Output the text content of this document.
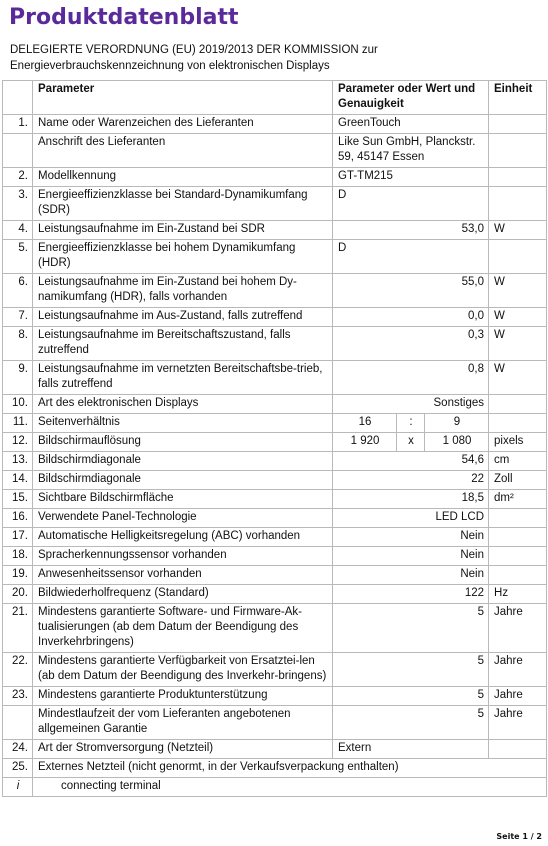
Produktdatenblatt
DELEGIERTE VERORDNUNG (EU) 2019/2013 DER KOMMISSION zur Energieverbrauchskennzeichnung von elektronischen Displays
	Parameter	Parameter oder Wert und Genauigkeit			Einheit
1.	Name oder Warenzeichen des Lieferanten	GreenTouch			
	Anschrift des Lieferanten	Like Sun GmbH, Planckstr. 59, 45147 Essen			
2.	Modellkennung	GT-TM215			
3.	Energieeffizienzklasse bei Standard-Dynamikumfang (SDR)	D			
4.	Leistungsaufnahme im Ein-Zustand bei SDR	53,0			W
5.	Energieeffizienzklasse bei hohem Dynamikumfang (HDR)	D			
6.	Leistungsaufnahme im Ein-Zustand bei hohem Dy-namikumfang (HDR), falls vorhanden	55,0			W
7.	Leistungsaufnahme im Aus-Zustand, falls zutreffend	0,0			W
8.	Leistungsaufnahme im Bereitschaftszustand, falls zutreffend	0,3			W
9.	Leistungsaufnahme im vernetzten Bereitschaftsbe-trieb, falls zutreffend	0,8			W
10.	Art des elektronischen Displays	Sonstiges			
11.	Seitenverhältnis	16	:	9	
12.	Bildschirmauflösung	1 920	x	1 080	pixels
13.	Bildschirmdiagonale	54,6			cm
14.	Bildschirmdiagonale	22			Zoll
15.	Sichtbare Bildschirmfläche	18,5			dm²
16.	Verwendete Panel-Technologie	LED LCD			
17.	Automatische Helligkeitsregelung (ABC) vorhanden	Nein			
18.	Spracherkennungssensor vorhanden	Nein			
19.	Anwesenheitssensor vorhanden	Nein			
20.	Bildwiederholfrequenz (Standard)	122			Hz
21.	Mindestens garantierte Software- und Firmware-Ak-tualisierungen (ab dem Datum der Beendigung des Inverkehrbringens)	5			Jahre
22.	Mindestens garantierte Verfügbarkeit von Ersatztei-len (ab dem Datum der Beendigung des Inverkehr-bringens)	5			Jahre
23.	Mindestens garantierte Produktunterstützung	5			Jahre
	Mindestlaufzeit der vom Lieferanten angebotenen allgemeinen Garantie	5			Jahre
24.	Art der Stromversorgung (Netzteil)	Extern			
25.	Externes Netzteil (nicht genormt, in der Verkaufsverpackung enthalten)				
i	connecting terminal				
Seite 1 / 2
